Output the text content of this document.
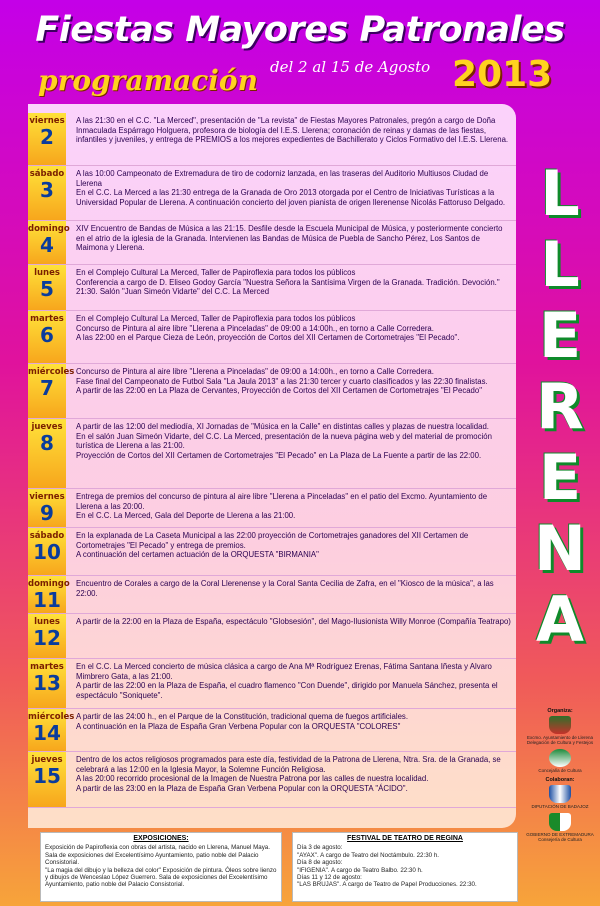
Fiestas Mayores Patronales
programación del 2 al 15 de Agosto 2013
viernes
2

A las 21:30 en el C.C. "La Merced", presentación de "La revista" de Fiestas Mayores Patronales, pregón a cargo de Doña Inmaculada Espárrago Holguera, profesora de biología del I.E.S. Llerena; coronación de reinas y damas de las fiestas, infantiles y juveniles, y entrega de PREMIOS a los mejores expedientes de Bachillerato y Ciclos Formativo del I.E.S. Llerena.

sábado
3

A las 10:00 Campeonato de Extremadura de tiro de codorniz lanzada, en las traseras del Auditorio Multiusos Ciudad de Llerena

En el C.C. La Merced a las 21:30 entrega de la Granada de Oro 2013 otorgada por el Centro de Iniciativas Turísticas a la Universidad Popular de Llerena. A continuación concierto del joven pianista de origen llerenense Nicolás Fattoruso Delgado.

domingo
4

XIV Encuentro de Bandas de Música a las 21:15. Desfile desde la Escuela Municipal de Música, y posteriormente concierto en el atrio de la iglesia de la Granada. Intervienen las Bandas de Música de Puebla de Sancho Pérez, Los Santos de Maimona y Llerena.

lunes
5

En el Complejo Cultural La Merced, Taller de Papiroflexia para todos los públicos

Conferencia a cargo de D. Eliseo Godoy García "Nuestra Señora la Santísima Virgen de la Granada. Tradición. Devoción." 21:30. Salón "Juan Simeón Vidarte" del C.C. La Merced

martes
6

En el Complejo Cultural La Merced, Taller de Papiroflexia para todos los públicos

Concurso de Pintura al aire libre "Llerena a Pinceladas" de 09:00 a 14:00h., en torno a Calle Corredera.

A las 22:00 en el Parque Cieza de León, proyección de Cortos del XII Certamen de Cortometrajes "El Pecado".

miércoles
7

Concurso de Pintura al aire libre "Llerena a Pinceladas" de 09:00 a 14:00h., en torno a Calle Corredera.

Fase final del Campeonato de Futbol Sala "La Jaula 2013" a las 21:30 tercer y cuarto clasificados y las 22:30 finalistas.

A partir de las 22:00 en La Plaza de Cervantes, Proyección de Cortos del XII Certamen de Cortometrajes "El Pecado"

jueves
8

A partir de las 12:00 del mediodía, XI Jornadas de "Música en la Calle" en distintas calles y plazas de nuestra localidad.

En el salón Juan Simeón Vidarte, del C.C. La Merced, presentación de la nueva página web y del material de promoción turística de Llerena a las 21:00.

Proyección de Cortos del XII Certamen de Cortometrajes "El Pecado" en La Plaza de La Fuente a partir de las 22:00.

viernes
9

Entrega de premios del concurso de pintura al aire libre "Llerena a Pinceladas" en el patio del Excmo. Ayuntamiento de Llerena a las 20:00.

En el C.C. La Merced, Gala del Deporte de Llerena a las 21:00.

sábado
10

En la explanada de La Caseta Municipal a las 22:00 proyección de Cortometrajes ganadores del XII Certamen de Cortometrajes "El Pecado" y entrega de premios.

A continuación del certamen actuación de la ORQUESTA "BIRMANIA"

domingo
11

Encuentro de Corales a cargo de la Coral Llerenense y la Coral Santa Cecilia de Zafra, en el "Kiosco de la música", a las 22:00.

lunes
12

A partir de la 22:00 en la Plaza de España, espectáculo "Globsesión", del Mago-Ilusionista Willy Monroe (Compañía Teatrapo)

martes
13

En el C.C. La Merced concierto de música clásica a cargo de Ana Mª Rodríguez Erenas, Fátima Santana Iñesta y Alvaro Mimbrero Gata, a las 21:00.

A partir de las 22:00 en la Plaza de España, el cuadro flamenco "Con Duende", dirigido por Manuela Sánchez, presenta el espectáculo "Soniquete".

miércoles
14

A partir de las 24:00 h., en el Parque de la Constitución, tradicional quema de fuegos artificiales.

A continuación en la Plaza de España Gran Verbena Popular con la ORQUESTA "COLORES"

jueves
15

Dentro de los actos religiosos programados para este día, festividad de la Patrona de Llerena, Ntra. Sra. de la Granada, se celebrará a las 12:00 en la Iglesia Mayor, la Solemne Función Religiosa.

A las 20:00 recorrido procesional de la Imagen de Nuestra Patrona por las calles de nuestra localidad.

A partir de las 23:00 en la Plaza de España Gran Verbena Popular con la ORQUESTA "ÁCIDO".

L
L
E
R
E
N
A
Organiza:
Excmo. Ayuntamiento de Llerena Delegación de Cultura y Festejos
Concejalía de Cultura
Colaboran:
DIPUTACIÓN DE BADAJOZ
GOBIERNO DE EXTREMADURA
Consejería de Cultura
EXPOSICIONES:

Exposición de Papiroflexia con obras del artista, nacido en Llerena, Manuel Maya. Sala de exposiciones del Excelentísimo Ayuntamiento, patio noble del Palacio Consistorial.

"La magia del dibujo y la belleza del color" Exposición de pintura. Óleos sobre lienzo y dibujos de Wenceslao López Guerrero. Sala de exposiciones del Excelentísimo Ayuntamiento, patio noble del Palacio Consistorial.

FESTIVAL DE TEATRO DE REGINA

Día 3 de agosto:

"AYAX". A cargo de Teatro del Noctámbulo. 22:30 h.

Día 8 de agosto:

"IFIGENIA". A cargo de Teatro Balbo. 22:30 h.

Días 11 y 12 de agosto:

"LAS BRUJAS". A cargo de Teatro de Papel Producciones. 22:30.
